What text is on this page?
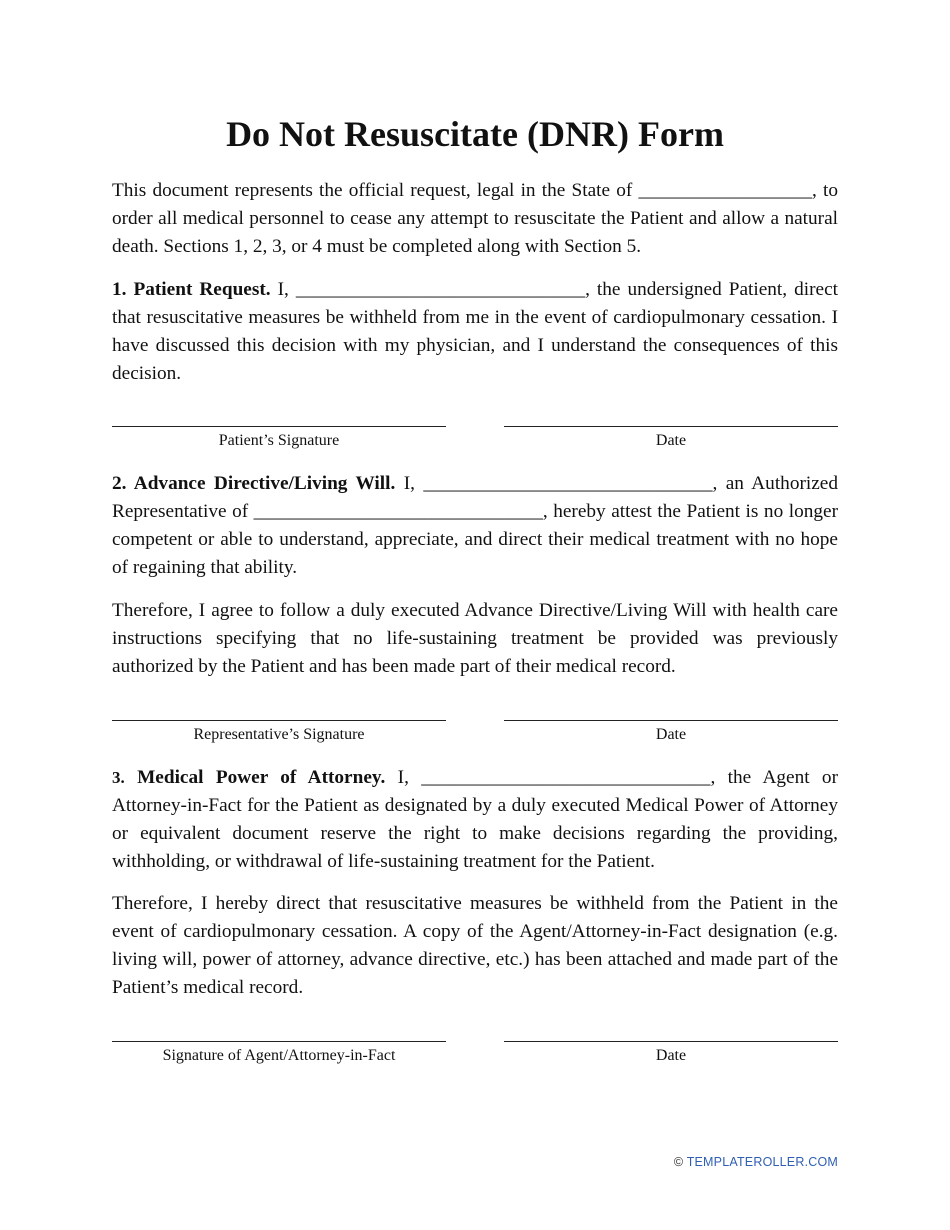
Do Not Resuscitate (DNR) Form

This document represents the official request, legal in the State of __________________, to order all medical personnel to cease any attempt to resuscitate the Patient and allow a natural death. Sections 1, 2, 3, or 4 must be completed along with Section 5.

1. Patient Request. I, ______________________________, the undersigned Patient, direct that resuscitative measures be withheld from me in the event of cardiopulmonary cessation. I have discussed this decision with my physician, and I understand the consequences of this decision.

Patient’s Signature	Date

2. Advance Directive/Living Will. I, ______________________________, an Authorized Representative of ______________________________, hereby attest the Patient is no longer competent or able to understand, appreciate, and direct their medical treatment with no hope of regaining that ability.

Therefore, I agree to follow a duly executed Advance Directive/Living Will with health care instructions specifying that no life-sustaining treatment be provided was previously authorized by the Patient and has been made part of their medical record.

Representative’s Signature	Date

3. Medical Power of Attorney. I, ______________________________, the Agent or Attorney-in-Fact for the Patient as designated by a duly executed Medical Power of Attorney or equivalent document reserve the right to make decisions regarding the providing, withholding, or withdrawal of life-sustaining treatment for the Patient.

Therefore, I hereby direct that resuscitative measures be withheld from the Patient in the event of cardiopulmonary cessation. A copy of the Agent/Attorney-in-Fact designation (e.g. living will, power of attorney, advance directive, etc.) has been attached and made part of the Patient’s medical record.

Signature of Agent/Attorney-in-Fact	Date
© TEMPLATEROLLER.COM
